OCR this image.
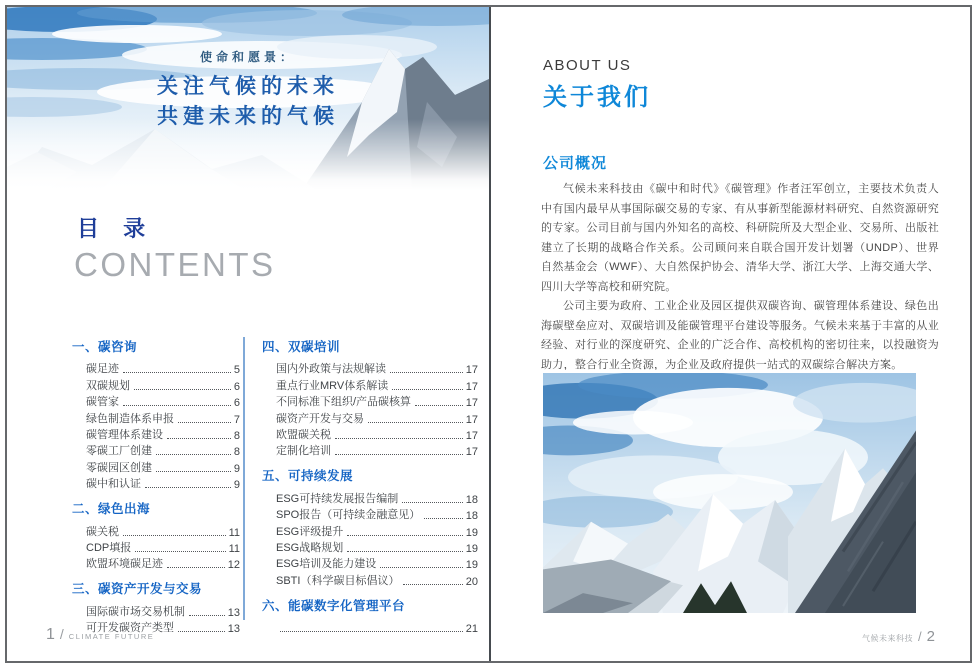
使命和愿景：
关注气候的未来
共建未来的气候
目 录
CONTENTS
一、碳咨询
碳足迹	5
双碳规划	6
碳管家	6
绿色制造体系申报	7
碳管理体系建设	8
零碳工厂创建	8
零碳园区创建	9
碳中和认证	9
二、绿色出海
碳关税	11
CDP填报	11
欧盟环境碳足迹	12
三、碳资产开发与交易
国际碳市场交易机制	13
可开发碳资产类型	13
四、双碳培训
国内外政策与法规解读	17
重点行业MRV体系解读	17
不同标准下组织/产品碳核算	17
碳资产开发与交易	17
欧盟碳关税	17
定制化培训	17
五、可持续发展
ESG可持续发展报告编制	18
SPO报告（可持续金融意见）	18
ESG评级提升	19
ESG战略规划	19
ESG培训及能力建设	19
SBTI（科学碳目标倡议）	20
六、能碳数字化管理平台
21
1 / CLIMATE FUTURE
ABOUT US
关于我们
公司概况

气候未来科技由《碳中和时代》《碳管理》作者汪军创立，主要技术负责人中有国内最早从事国际碳交易的专家、有从事新型能源材料研究、自然资源研究的专家。公司目前与国内外知名的高校、科研院所及大型企业、交易所、出版社建立了长期的战略合作关系。公司顾问来自联合国开发计划署（UNDP）、世界自然基金会（WWF）、大自然保护协会、清华大学、浙江大学、上海交通大学、四川大学等高校和研究院。

公司主要为政府、工业企业及园区提供双碳咨询、碳管理体系建设、绿色出海碳壁垒应对、双碳培训及能碳管理平台建设等服务。气候未来基于丰富的从业经验、对行业的深度研究、企业的广泛合作、高校机构的密切往来，以投融资为助力，整合行业全资源，为企业及政府提供一站式的双碳综合解决方案。

气候未来科技 / 2
